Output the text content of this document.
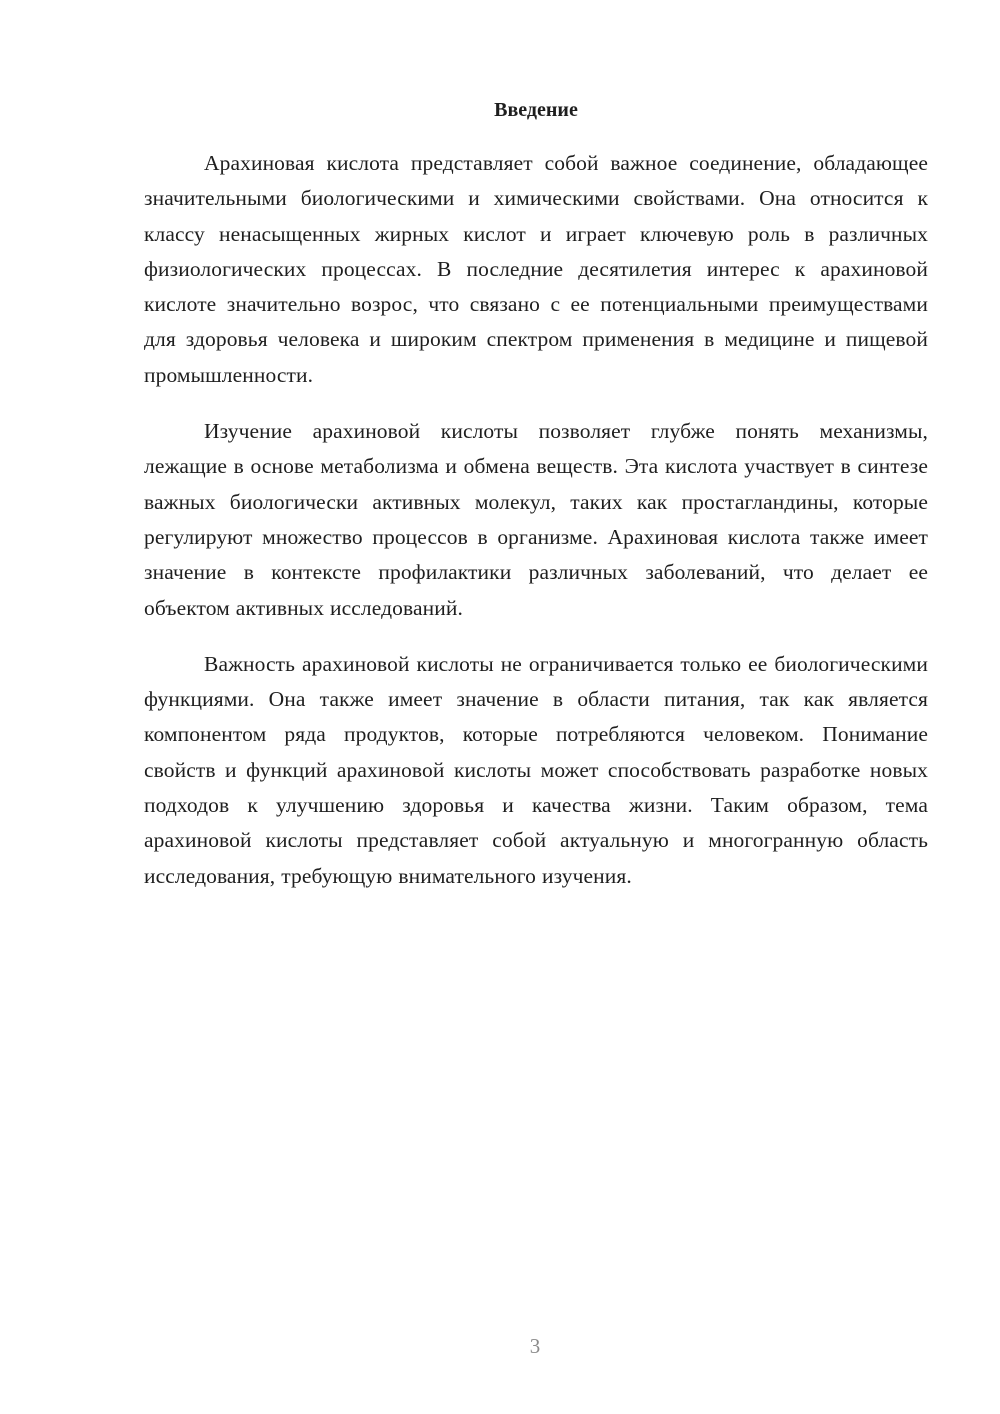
Введение

Арахиновая кислота представляет собой важное соединение, обладающее значительными биологическими и химическими свойствами. Она относится к классу ненасыщенных жирных кислот и играет ключевую роль в различных физиологических процессах. В последние десятилетия интерес к арахиновой кислоте значительно возрос, что связано с ее потенциальными преимуществами для здоровья человека и широким спектром применения в медицине и пищевой промышленности.

Изучение арахиновой кислоты позволяет глубже понять механизмы, лежащие в основе метаболизма и обмена веществ. Эта кислота участвует в синтезе важных биологически активных молекул, таких как простагландины, которые регулируют множество процессов в организме. Арахиновая кислота также имеет значение в контексте профилактики различных заболеваний, что делает ее объектом активных исследований.

Важность арахиновой кислоты не ограничивается только ее биологическими функциями. Она также имеет значение в области питания, так как является компонентом ряда продуктов, которые потребляются человеком. Понимание свойств и функций арахиновой кислоты может способствовать разработке новых подходов к улучшению здоровья и качества жизни. Таким образом, тема арахиновой кислоты представляет собой актуальную и многогранную область исследования, требующую внимательного изучения.

3
